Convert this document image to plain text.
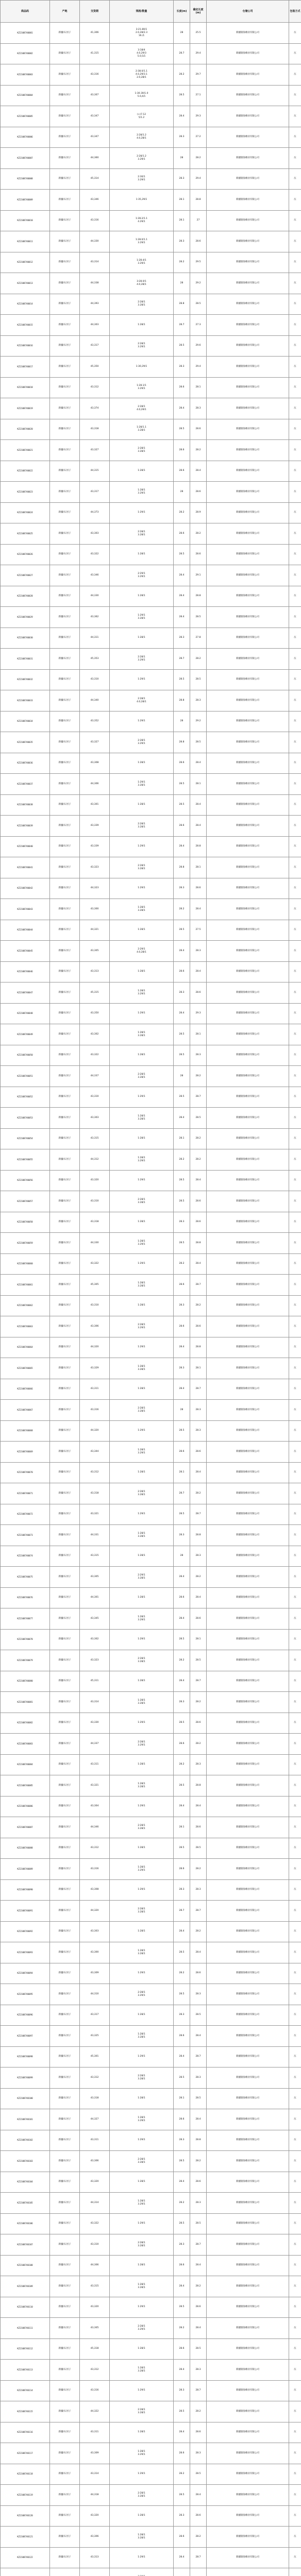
商品码	产地	交货期	规格/数量	长度(m)	确定长度(m)	仓储公司	包装方式
KZ2108740001	新疆/石河子	41,306	3:21.80/1
2.0,28/2.3
16./1	28	25.5	新疆银海棉业有限公司	压
KZ2108740002	新疆/石河子	41,315	3:18/4
4.0,29/3
5.0,5/1	28.7	29.4	新疆银海棉业有限公司	压
KZ2108740003	新疆/石河子	43,316	2:38.0/1.1
4.0,29/3.1
2.0,28/1	28.2	29.7	新疆银海棉业有限公司	压
KZ2108740004	新疆/石河子	43,307	1:30.30/1.0
5.0,4/1	28.5	27.1	新疆银海棉业有限公司	压
KZ2108740005	新疆/石河子	43,347	(+)7.12
5/1.2	28.4	29.3	新疆银海棉业有限公司	压
KZ2108740006	新疆/石河子	43,347	2:28/1.2
4.0,28/1	28.3	27.2	新疆银海棉业有限公司	压
KZ2108740007	新疆/石河子	44,360	2:28/1.2
3.29/1	28	28.2	新疆银海棉业有限公司	压
KZ2108740008	新疆/石河子	45,314	2:30/1
3.29/1	28.3	29.4	新疆银海棉业有限公司	压
KZ2108740009	新疆/石河子	43,346	1:35,29/1	28.1	28.8	新疆银海棉业有限公司	压
KZ2108740010	新疆/石河子	43,316	1:28.2/1.1
4.29/1	28.1	27	新疆银海棉业有限公司	压
KZ2108740011	新疆/石河子	44,330	1:28.0/1.1
3.29/1	28.3	28.6	新疆银海棉业有限公司	压
KZ2108740012	新疆/石河子	43,314	1:28.4/1
3.29/1	28.2	29.5	新疆银海棉业有限公司	压
KZ2108740013	新疆/石河子	44,338	3:28.0/1
4.0,28/1	28	29.2	新疆银海棉业有限公司	压
KZ2108740014	新疆/石河子	44,393	2:28/1
3.28/1	28.8	28.5	新疆银海棉业有限公司	压
KZ2108740015	新疆/石河子	44,303	1:28/1	28.7	27.3	新疆银海棉业有限公司	压
KZ2108740016	新疆/石河子	43,317	2:28/1
3.29/1	28.5	29.6	新疆银海棉业有限公司	压
KZ2108740017	新疆/石河子	45,350	1:30,29/1	28.3	29.4	新疆银海棉业有限公司	压
KZ2108740018	新疆/石河子	43,312	1:28.1/1
3.29/1	28.6	28.1	新疆银海棉业有限公司	压
KZ2108740019	新疆/石河子	43,374	2:28/1
4.0,29/1	28.4	28.3	新疆银海棉业有限公司	压
KZ2108740020	新疆/石河子	43,318	1:28/1.1
3.28/1	28.5	28.6	新疆银海棉业有限公司	压
KZ2108740021	新疆/石河子	43,327	2:28/1
3.28/1	28.6	28.2	新疆银海棉业有限公司	压
KZ2108740022	新疆/石河子	44,315	1:28/1	28.6	28.4	新疆银海棉业有限公司	压
KZ2108740023	新疆/石河子	43,317	1:28/1
3.29/1	28	28.6	新疆银海棉业有限公司	压
KZ2108740024	新疆/石河子	44,373	1:29/1	28.2	28.9	新疆银海棉业有限公司	压
KZ2108740025	新疆/石河子	43,303	2:28/1
3.28/1	28.6	28.2	新疆银海棉业有限公司	压
KZ2108740026	新疆/石河子	43,322	1:28/1	28.5	28.6	新疆银海棉业有限公司	压
KZ2108740027	新疆/石河子	43,346	2:29/1
3.29/1	28.4	29.1	新疆银海棉业有限公司	压
KZ2108740028	新疆/石河子	44,330	1:28/1	28.4	28.8	新疆银海棉业有限公司	压
KZ2108740029	新疆/石河子	43,362	1:29/1
3.28/1	28.4	28.5	新疆银海棉业有限公司	压
KZ2108740030	新疆/石河子	44,311	1:28/1	28.3	27.8	新疆银海棉业有限公司	压
KZ2108740031	新疆/石河子	45,353	2:28/1
3.29/1	28.7	28.2	新疆银海棉业有限公司	压
KZ2108740032	新疆/石河子	43,310	1:29/1	28.5	28.5	新疆银海棉业有限公司	压
KZ2108740033	新疆/石河子	44,340	2:28/1
4.0,28/1	28.8	28.3	新疆银海棉业有限公司	压
KZ2108740034	新疆/石河子	43,352	1:29/1	28	29.2	新疆银海棉业有限公司	压
KZ2108740035	新疆/石河子	43,327	2:28/1
3.29/1	28.8	28.5	新疆银海棉业有限公司	压
KZ2108740036	新疆/石河子	43,308	1:28/1	28.6	28.4	新疆银海棉业有限公司	压
KZ2108740037	新疆/石河子	44,306	1:29/1
3.28/1	28.5	28.1	新疆银海棉业有限公司	压
KZ2108740038	新疆/石河子	43,301	1:28/1	28.5	28.4	新疆银海棉业有限公司	压
KZ2108740039	新疆/石河子	43,339	2:28/1
3.28/1	28.6	28.4	新疆银海棉业有限公司	压
KZ2108740040	新疆/石河子	43,339	1:29/1	28.4	28.8	新疆银海棉业有限公司	压
KZ2108740041	新疆/石河子	43,323	2:28/1
3.28/1	28.8	28.1	新疆银海棉业有限公司	压
KZ2108740042	新疆/石河子	44,323	1:29/1	28.3	28.6	新疆银海棉业有限公司	压
KZ2108740043	新疆/石河子	43,300	1:28/1
3.28/1	28.2	28.4	新疆银海棉业有限公司	压
KZ2108740044	新疆/石河子	44,321	1:28/1	28.5	27.5	新疆银海棉业有限公司	压
KZ2108740045	新疆/石河子	43,305	2:29/1
4.0,28/1	28.4	28.3	新疆银海棉业有限公司	压
KZ2108740046	新疆/石河子	43,313	1:28/1	28.6	28.4	新疆银海棉业有限公司	压
KZ2108740047	新疆/石河子	45,315	1:28/1
3.29/1	28.3	28.6	新疆银海棉业有限公司	压
KZ2108740048	新疆/石河子	43,350	1:29/1	28.4	29.3	新疆银海棉业有限公司	压
KZ2108740049	新疆/石河子	43,302	1:28/1
3.28/1	28.5	28.1	新疆银海棉业有限公司	压
KZ2108740050	新疆/石河子	43,322	1:28/1	28.5	28.3	新疆银海棉业有限公司	压
KZ2108740051	新疆/石河子	44,337	2:28/1
3.28/1	28	28.2	新疆银海棉业有限公司	压
KZ2108740052	新疆/石河子	43,310	1:29/1	28.5	28.7	新疆银海棉业有限公司	压
KZ2108740053	新疆/石河子	43,303	1:28/1
3.28/1	28.4	28.5	新疆银海棉业有限公司	压
KZ2108740054	新疆/石河子	43,315	1:28/1	28.1	28.2	新疆银海棉业有限公司	压
KZ2108740055	新疆/石河子	44,312	1:28/1
3.29/1	28.2	28.2	新疆银海棉业有限公司	压
KZ2108740056	新疆/石河子	43,320	1:29/1	28.5	28.4	新疆银海棉业有限公司	压
KZ2108740057	新疆/石河子	43,310	2:28/1
3.28/1	28.5	28.6	新疆银海棉业有限公司	压
KZ2108740058	新疆/石河子	43,318	1:28/1	28.3	28.6	新疆银海棉业有限公司	压
KZ2108740059	新疆/石河子	44,330	1:28/1
3.29/1	28.5	28.8	新疆银海棉业有限公司	压
KZ2108740060	新疆/石河子	43,322	1:29/1	28.2	28.4	新疆银海棉业有限公司	压
KZ2108740061	新疆/石河子	45,305	1:28/1
3.28/1	28.6	28.7	新疆银海棉业有限公司	压
KZ2108740062	新疆/石河子	43,310	1:28/1	28.3	28.2	新疆银海棉业有限公司	压
KZ2108740063	新疆/石河子	43,306	2:28/1
3.29/1	28.6	28.6	新疆银海棉业有限公司	压
KZ2108740064	新疆/石河子	44,320	1:29/1	28.4	28.8	新疆银海棉业有限公司	压
KZ2108740065	新疆/石河子	43,329	1:28/1
3.28/1	28.3	28.1	新疆银海棉业有限公司	压
KZ2108740066	新疆/石河子	43,311	1:28/1	28.4	28.7	新疆银海棉业有限公司	压
KZ2108740067	新疆/石河子	43,316	2:28/1
3.28/1	28	28.3	新疆银海棉业有限公司	压
KZ2108740068	新疆/石河子	44,320	1:29/1	28.5	28.3	新疆银海棉业有限公司	压
KZ2108740069	新疆/石河子	43,344	1:28/1
3.29/1	28.6	28.6	新疆银海棉业有限公司	压
KZ2108740070	新疆/石河子	43,312	1:28/1	28.1	28.4	新疆银海棉业有限公司	压
KZ2108740071	新疆/石河子	43,318	2:28/1
3.28/1	28.7	28.2	新疆银海棉业有限公司	压
KZ2108740072	新疆/石河子	43,321	1:29/1	28.5	28.7	新疆银海棉业有限公司	压
KZ2108740073	新疆/石河子	44,331	1:28/1
3.28/1	28.3	28.8	新疆银海棉业有限公司	压
KZ2108740074	新疆/石河子	43,315	1:28/1	28	28.3	新疆银海棉业有限公司	压
KZ2108740075	新疆/石河子	43,305	2:29/1
3.28/1	28.4	28.2	新疆银海棉业有限公司	压
KZ2108740076	新疆/石河子	44,301	1:28/1	28.6	28.4	新疆银海棉业有限公司	压
KZ2108740077	新疆/石河子	43,345	1:28/1
3.29/1	28.4	28.6	新疆银海棉业有限公司	压
KZ2108740078	新疆/石河子	43,302	1:29/1	28.5	28.1	新疆银海棉业有限公司	压
KZ2108740079	新疆/石河子	43,323	2:28/1
3.28/1	28.2	28.5	新疆银海棉业有限公司	压
KZ2108740080	新疆/石河子	45,311	1:28/1	28.4	28.7	新疆银海棉业有限公司	压
KZ2108740081	新疆/石河子	43,314	1:28/1
3.28/1	28.3	28.2	新疆银海棉业有限公司	压
KZ2108740082	新疆/石河子	43,330	1:29/1	28.5	28.6	新疆银海棉业有限公司	压
KZ2108740083	新疆/石河子	44,337	2:28/1
3.29/1	28.6	28.2	新疆银海棉业有限公司	压
KZ2108740084	新疆/石河子	43,311	1:28/1	28.2	28.3	新疆银海棉业有限公司	压
KZ2108740085	新疆/石河子	43,321	1:28/1
3.28/1	28.5	28.8	新疆银海棉业有限公司	压
KZ2108740086	新疆/石河子	43,304	1:29/1	28.4	28.4	新疆银海棉业有限公司	压
KZ2108740087	新疆/石河子	44,346	2:28/1
3.28/1	28.1	28.6	新疆银海棉业有限公司	压
KZ2108740088	新疆/石河子	43,312	1:28/1	28.5	28.5	新疆银海棉业有限公司	压
KZ2108740089	新疆/石河子	43,316	1:28/1
3.29/1	28.6	28.2	新疆银海棉业有限公司	压
KZ2108740090	新疆/石河子	43,308	1:29/1	28.3	28.3	新疆银海棉业有限公司	压
KZ2108740091	新疆/石河子	44,320	2:28/1
3.28/1	28.7	28.7	新疆银海棉业有限公司	压
KZ2108740092	新疆/石河子	43,303	1:28/1	28.4	28.2	新疆银海棉业有限公司	压
KZ2108740093	新疆/石河子	43,300	1:28/1
3.28/1	28.5	28.4	新疆银海棉业有限公司	压
KZ2108740094	新疆/石河子	43,309	1:29/1	28.2	28.6	新疆银海棉业有限公司	压
KZ2108740095	新疆/石河子	44,310	2:28/1
3.29/1	28.5	28.3	新疆银海棉业有限公司	压
KZ2108740096	新疆/石河子	43,317	1:28/1	28.3	28.5	新疆银海棉业有限公司	压
KZ2108740097	新疆/石河子	43,325	1:28/1
3.28/1	28.6	28.4	新疆银海棉业有限公司	压
KZ2108740098	新疆/石河子	45,301	1:29/1	28.4	28.7	新疆银海棉业有限公司	压
KZ2108740099	新疆/石河子	43,312	2:28/1
3.28/1	28.5	28.3	新疆银海棉业有限公司	压
KZ2108740100	新疆/石河子	43,318	1:28/1	28.1	28.5	新疆银海棉业有限公司	压
KZ2108740101	新疆/石河子	44,327	1:28/1
3.29/1	28.6	28.4	新疆银海棉业有限公司	压
KZ2108740102	新疆/石河子	43,311	1:29/1	28.3	28.8	新疆银海棉业有限公司	压
KZ2108740103	新疆/石河子	43,306	2:28/1
3.28/1	28.5	28.2	新疆银海棉业有限公司	压
KZ2108740104	新疆/石河子	43,320	1:28/1	28.4	28.6	新疆银海棉业有限公司	压
KZ2108740105	新疆/石河子	44,314	1:28/1
3.29/1	28.2	28.3	新疆银海棉业有限公司	压
KZ2108740106	新疆/石河子	43,322	1:29/1	28.5	28.5	新疆银海棉业有限公司	压
KZ2108740107	新疆/石河子	43,310	2:28/1
3.28/1	28.3	28.7	新疆银海棉业有限公司	压
KZ2108740108	新疆/石河子	44,306	1:28/1	28.6	28.4	新疆银海棉业有限公司	压
KZ2108740109	新疆/石河子	43,315	1:28/1
3.28/1	28.4	28.2	新疆银海棉业有限公司	压
KZ2108740110	新疆/石河子	43,320	1:29/1	28.5	28.6	新疆银海棉业有限公司	压
KZ2108740111	新疆/石河子	43,305	2:28/1
3.29/1	28.2	28.4	新疆银海棉业有限公司	压
KZ2108740112	新疆/石河子	45,318	1:28/1	28.6	28.5	新疆银海棉业有限公司	压
KZ2108740113	新疆/石河子	43,312	1:28/1
3.28/1	28.4	28.3	新疆银海棉业有限公司	压
KZ2108740114	新疆/石河子	43,316	1:29/1	28.3	28.7	新疆银海棉业有限公司	压
KZ2108740115	新疆/石河子	44,322	2:28/1
3.28/1	28.5	28.2	新疆银海棉业有限公司	压
KZ2108740116	新疆/石河子	43,311	1:28/1	28.4	28.6	新疆银海棉业有限公司	压
KZ2108740117	新疆/石河子	43,309	1:28/1
3.29/1	28.6	28.3	新疆银海棉业有限公司	压
KZ2108740118	新疆/石河子	43,314	1:29/1	28.2	28.5	新疆银海棉业有限公司	压
KZ2108740119	新疆/石河子	44,318	2:28/1
3.28/1	28.5	28.4	新疆银海棉业有限公司	压
KZ2108740120	新疆/石河子	43,320	1:28/1	28.3	28.6	新疆银海棉业有限公司	压
KZ2108740121	新疆/石河子	43,306	1:28/1
3.28/1	28.6	28.2	新疆银海棉业有限公司	压
KZ2108740122	新疆/石河子	43,313	1:29/1	28.4	28.7	新疆银海棉业有限公司	压
